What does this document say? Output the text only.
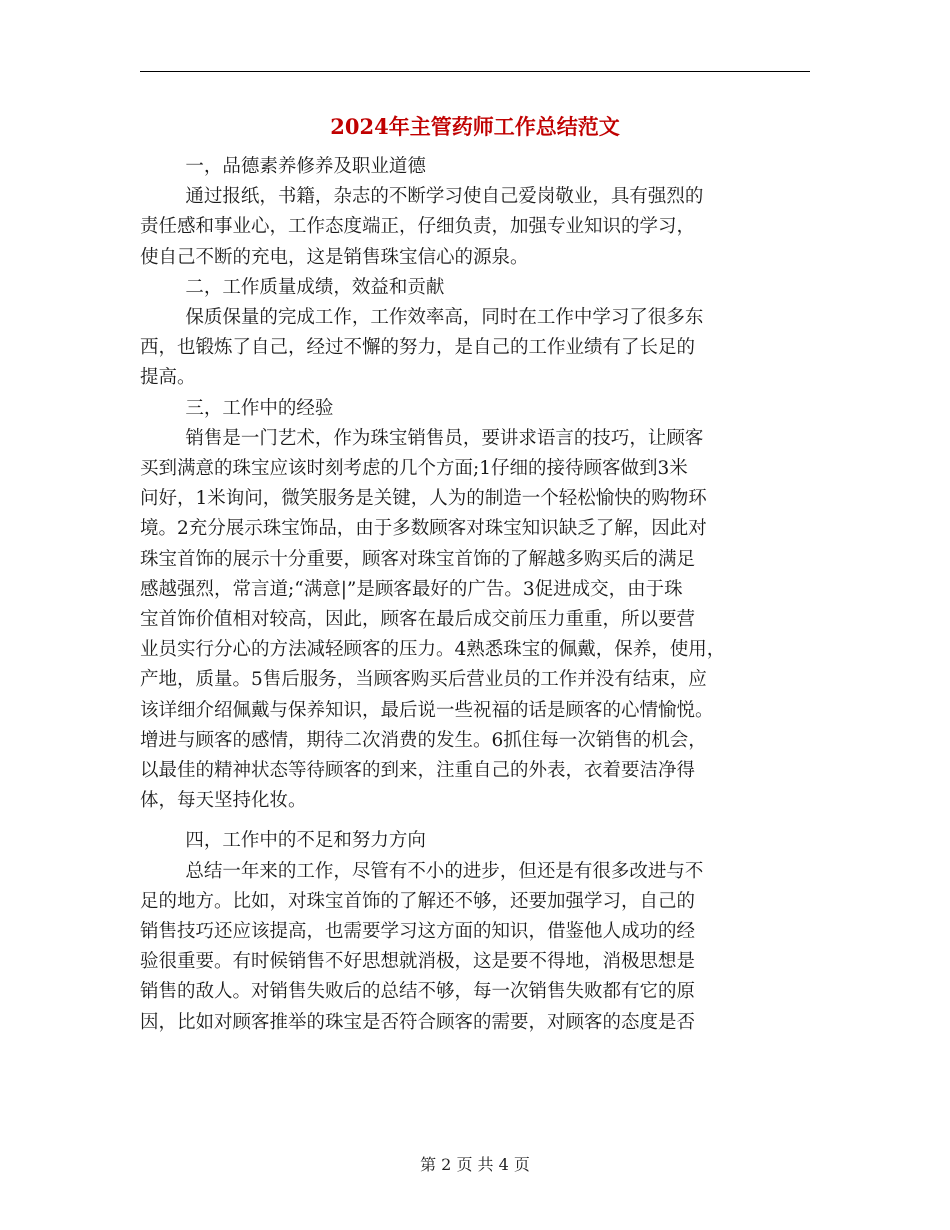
2024年主管药师工作总结范文
一，品德素养修养及职业道德
通过报纸，书籍，杂志的不断学习使自己爱岗敬业，具有强烈的
责任感和事业心，工作态度端正，仔细负责，加强专业知识的学习，
使自己不断的充电，这是销售珠宝信心的源泉。
二，工作质量成绩，效益和贡献
保质保量的完成工作，工作效率高，同时在工作中学习了很多东
西，也锻炼了自己，经过不懈的努力，是自己的工作业绩有了长足的
提高。
三，工作中的经验
销售是一门艺术，作为珠宝销售员，要讲求语言的技巧，让顾客
买到满意的珠宝应该时刻考虑的几个方面;1仔细的接待顾客做到3米
问好，1米询问，微笑服务是关键，人为的制造一个轻松愉快的购物环
境。2充分展示珠宝饰品，由于多数顾客对珠宝知识缺乏了解，因此对
珠宝首饰的展示十分重要，顾客对珠宝首饰的了解越多购买后的满足
感越强烈，常言道;“满意|”是顾客最好的广告。3促进成交，由于珠
宝首饰价值相对较高，因此，顾客在最后成交前压力重重，所以要营
业员实行分心的方法减轻顾客的压力。4熟悉珠宝的佩戴，保养，使用，
产地，质量。5售后服务，当顾客购买后营业员的工作并没有结束，应
该详细介绍佩戴与保养知识，最后说一些祝福的话是顾客的心情愉悦。
增进与顾客的感情，期待二次消费的发生。6抓住每一次销售的机会，
以最佳的精神状态等待顾客的到来，注重自己的外表，衣着要洁净得
体，每天坚持化妆。
四，工作中的不足和努力方向
总结一年来的工作，尽管有不小的进步，但还是有很多改进与不
足的地方。比如，对珠宝首饰的了解还不够，还要加强学习，自己的
销售技巧还应该提高，也需要学习这方面的知识，借鉴他人成功的经
验很重要。有时候销售不好思想就消极，这是要不得地，消极思想是
销售的敌人。对销售失败后的总结不够，每一次销售失败都有它的原
因，比如对顾客推举的珠宝是否符合顾客的需要，对顾客的态度是否
第 2 页 共 4 页
